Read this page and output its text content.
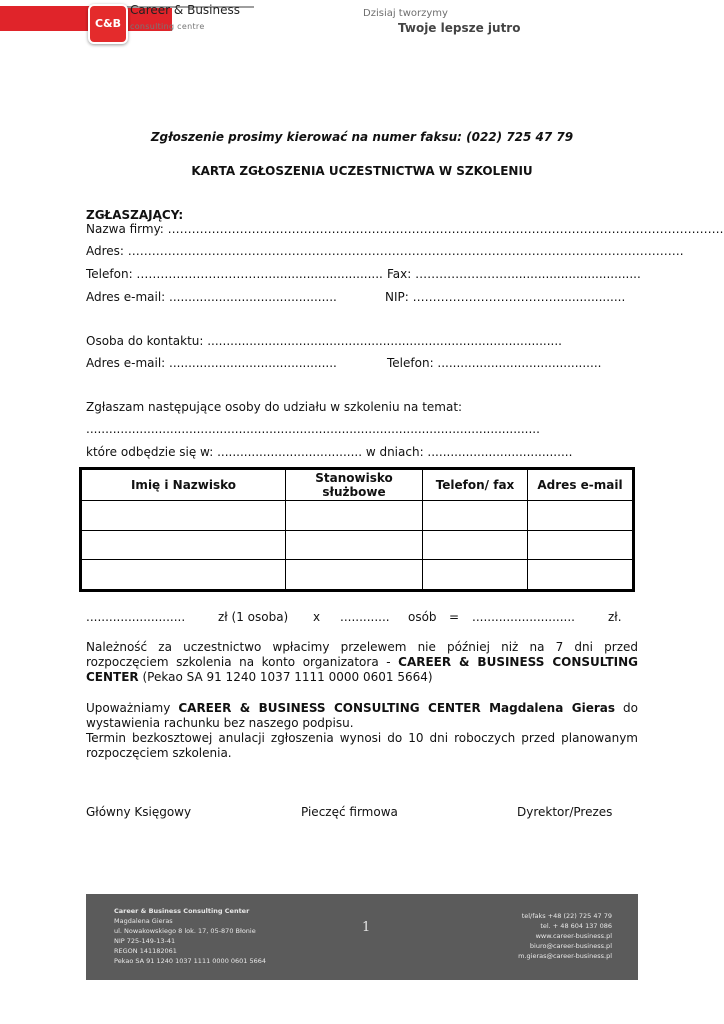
C&B
Career & Business
consulting centre
Dzisiaj tworzymy
Twoje lepsze jutro
Zgłoszenie prosimy kierować na numer faksu: (022) 725 47 79
KARTA ZGŁOSZENIA UCZESTNICTWA W SZKOLENIU
ZGŁASZAJĄCY:
Nazwa firmy: ………………………………………………………………………………………………………………………….
Adres: ………………………………………………………………………………………………………………………….
Telefon: …………………………….............................. Fax: ……………………..................................
Adres e-mail: ............................................	NIP: ………………………………..................
Osoba do kontaktu: .............................................................................................
Adres e-mail: ............................................	Telefon: ...........................................
Zgłaszam następujące osoby do udziału w szkoleniu na temat:
.......................................................................................................................
które odbędzie się w: ...................................... w dniach: ......................................
Imię i Nazwisko	Stanowisko służbowe	Telefon/ fax	Adres e-mail

..........................	zł (1 osoba) x ............. osób = ...........................	zł.
Należność za uczestnictwo wpłacimy przelewem nie później niż na 7 dni przed rozpoczęciem szkolenia na konto organizatora - CAREER & BUSINESS CONSULTING CENTER (Pekao SA 91 1240 1037 1111 0000 0601 5664)
Upoważniamy CAREER & BUSINESS CONSULTING CENTER Magdalena Gieras do wystawienia rachunku bez naszego podpisu.
Termin bezkosztowej anulacji zgłoszenia wynosi do 10 dni roboczych przed planowanym rozpoczęciem szkolenia.
Główny Księgowy	Pieczęć firmowa	Dyrektor/Prezes
Career & Business Consulting Center
Magdalena Gieras
ul. Nowakowskiego 8 lok. 17, 05-870 Błonie
NIP 725-149-13-41
REGON 141182061
Pekao SA 91 1240 1037 1111 0000 0601 5664
1
tel/faks +48 (22) 725 47 79
tel. + 48 604 137 086
www.career-business.pl
biuro@career-business.pl
m.gieras@career-business.pl
